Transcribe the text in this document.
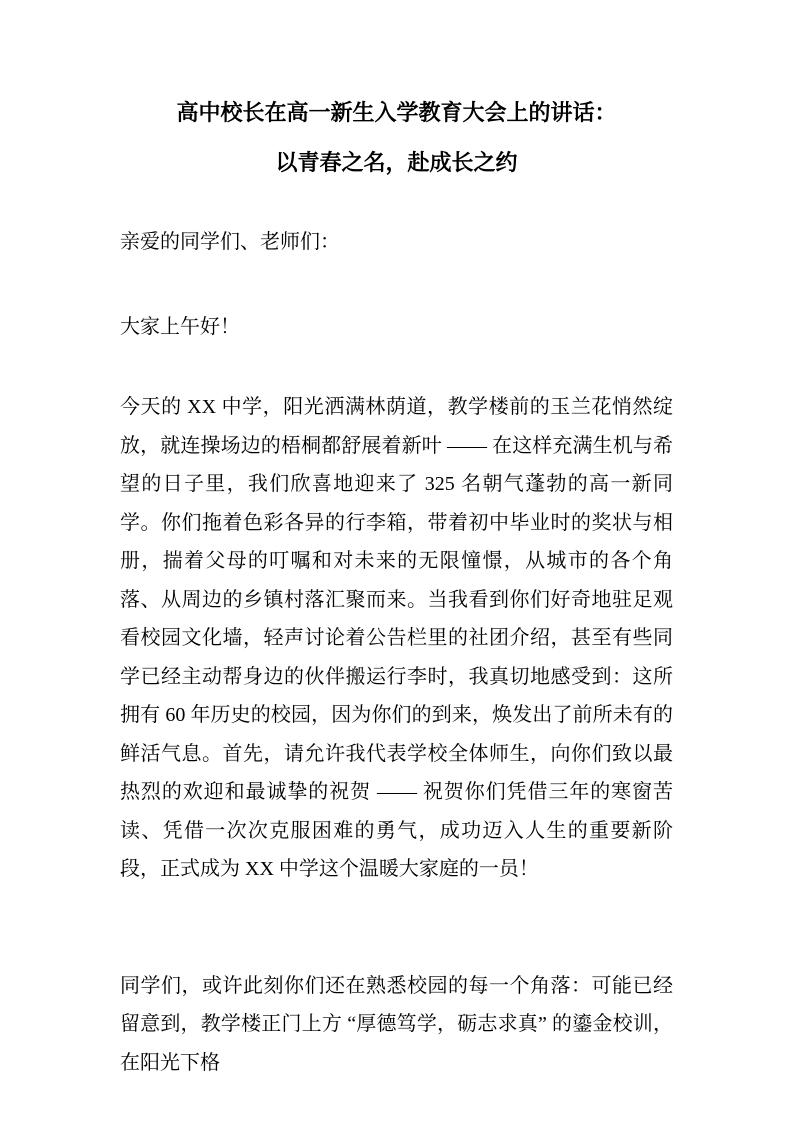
高中校长在高一新生入学教育大会上的讲话：
以青春之名，赴成长之约

亲爱的同学们、老师们：

大家上午好！

今天的 XX 中学，阳光洒满林荫道，教学楼前的玉兰花悄然绽放，就连操场边的梧桐都舒展着新叶 —— 在这样充满生机与希望的日子里，我们欣喜地迎来了 325 名朝气蓬勃的高一新同学。你们拖着色彩各异的行李箱，带着初中毕业时的奖状与相册，揣着父母的叮嘱和对未来的无限憧憬，从城市的各个角落、从周边的乡镇村落汇聚而来。当我看到你们好奇地驻足观看校园文化墙，轻声讨论着公告栏里的社团介绍，甚至有些同学已经主动帮身边的伙伴搬运行李时，我真切地感受到：这所拥有 60 年历史的校园，因为你们的到来，焕发出了前所未有的鲜活气息。首先，请允许我代表学校全体师生，向你们致以最热烈的欢迎和最诚挚的祝贺 —— 祝贺你们凭借三年的寒窗苦读、凭借一次次克服困难的勇气，成功迈入人生的重要新阶段，正式成为 XX 中学这个温暖大家庭的一员！

同学们，或许此刻你们还在熟悉校园的每一个角落：可能已经留意到，教学楼正门上方 “厚德笃学，砺志求真” 的鎏金校训，在阳光下格
